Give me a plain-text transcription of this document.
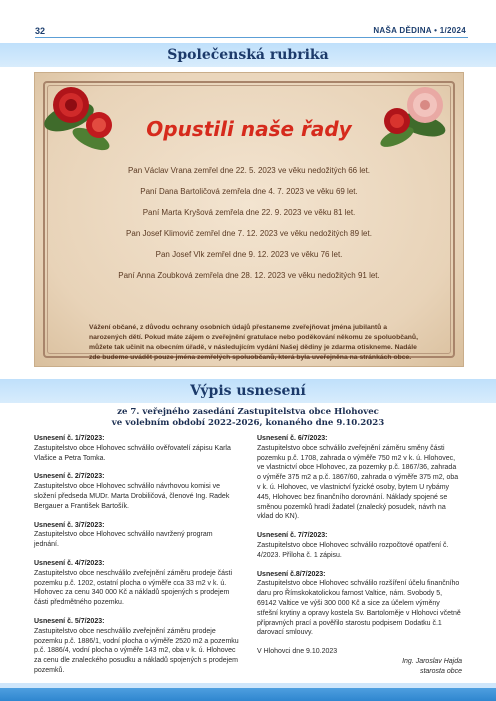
32	NAŠA DĚDINA • 1/2024
Společenská rubrika
Opustili naše řady
Pan Václav Vrana zemřel dne 22. 5. 2023 ve věku nedožitých 66 let.
Paní Dana Bartoličová zemřela dne 4. 7. 2023 ve věku 69 let.
Paní Marta Kryšová zemřela dne 22. 9. 2023 ve věku 81 let.
Pan Josef Klimovič zemřel dne 7. 12. 2023 ve věku nedožitých 89 let.
Pan Josef Vlk zemřel dne 9. 12. 2023 ve věku 76 let.
Paní Anna Zoubková zemřela dne 28. 12. 2023 ve věku nedožitých 91 let.
Vážení občané, z důvodu ochrany osobních údajů přestaneme zveřejňovat jména jubilantů a narozených dětí. Pokud máte zájem o zveřejnění gratulace nebo poděkování někomu ze spoluobčanů, můžete tak učinit na obecním úřadě, v následujícím vydání Našej dědiny je zdarma otiskneme. Nadále zde budeme uvádět pouze jména zemřelých spoluobčanů, která byla uveřejněna na stránkách obce.
Výpis usnesení
ze 7. veřejného zasedání Zastupitelstva obce Hlohovec
ve volebním období 2022-2026, konaného dne 9.10.2023
Usnesení č. 1/7/2023:
Zastupitelstvo obce Hlohovec schválilo ověřovatelí zápisu Karla Vlašice a Petra Tomka.
Usnesení č. 2/7/2023:
Zastupitelstvo obce Hlohovec schválilo návrhovou komisi ve složení předseda MUDr. Marta Drobiličová, členové Ing. Radek Bergauer a František Bartošík.
Usnesení č. 3/7/2023:
Zastupitelstvo obce Hlohovec schválilo navržený program jednání.
Usnesení č. 4/7/2023:
Zastupitelstvo obce neschválilo zveřejnění záměru prodeje části pozemku p.č. 1202, ostatní plocha o výměře cca 33 m2 v k. ú. Hlohovec za cenu 340 000 Kč a nákladů spojených s prodejem části předmětného pozemku.
Usnesení č. 5/7/2023:
Zastupitelstvo obce neschválilo zveřejnění záměru prodeje pozemku p.č. 1886/1, vodní plocha o výměře 2520 m2 a pozemku p.č. 1886/4, vodní plocha o výměře 143 m2, oba v k. ú. Hlohovec za cenu dle znaleckého posudku a nákladů spojených s prodejem pozemků.
Usnesení č. 6/7/2023:
Zastupitelstvo obce schválilo zveřejnění záměru směny části pozemku p.č. 1708, zahrada o výměře 750 m2 v k. ú. Hlohovec, ve vlastnictví obce Hlohovec, za pozemky p.č. 1867/36, zahrada o výměře 375 m2 a p.č. 1867/60, zahrada o výměře 375 m2, oba v k. ú. Hlohovec, ve vlastnictví fyzické osoby, bytem U rybámy 445, Hlohovec bez finančního dorovnání. Náklady spojené se směnou pozemků hradí žadatel (znalecký posudek, návrh na vklad do KN).
Usnesení č. 7/7/2023:
Zastupitelstvo obce Hlohovec schválilo rozpočtové opatření č. 4/2023. Příloha č. 1 zápisu.
Usnesení č.8/7/2023:
Zastupitelstvo obce Hlohovec schválilo rozšíření účelu finančního daru pro Římskokatolickou farnost Valtice, nám. Svobody 5, 69142 Valtice ve výši 300 000 Kč a sice za účelem výměny střešní krytiny a opravy kostela Sv. Bartoloměje v Hlohovci včetně přípravných prací a pověřilo starostu podpisem Dodatku č.1 darovací smlouvy.
V Hlohovci dne 9.10.2023
Ing. Jaroslav Hajda
starosta obce
